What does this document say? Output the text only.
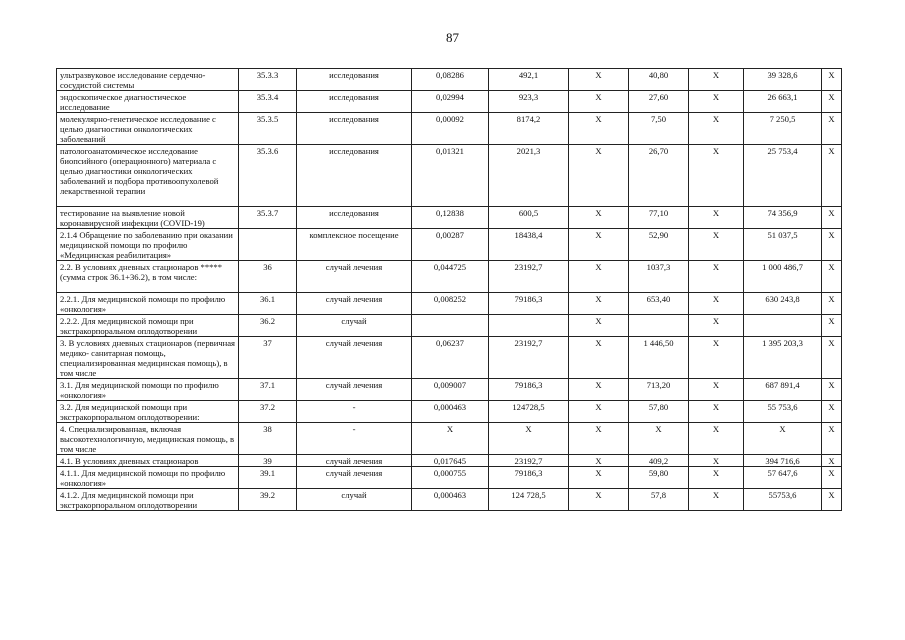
87
ультразвуковое исследование сердечно-сосудистой системы	35.3.3	исследования	0,08286	492,1	Х	40,80	Х	39 328,6	Х
эндоскопическое диагностическое исследование	35.3.4	исследования	0,02994	923,3	Х	27,60	Х	26 663,1	Х
молекулярно-генетическое исследование с целью диагностики онкологических заболеваний	35.3.5	исследования	0,00092	8174,2	Х	7,50	Х	7 250,5	Х
патологоанатомическое исследование биопсийного (операционного) материала с целью диагностики онкологических заболеваний и подбора противоопухолевой лекарственной терапии	35.3.6	исследования	0,01321	2021,3	Х	26,70	Х	25 753,4	Х
тестирование на выявление новой коронавирусной инфекции (COVID-19)	35.3.7	исследования	0,12838	600,5	Х	77,10	Х	74 356,9	Х
2.1.4 Обращение по заболеванию при оказании медицинской помощи по профилю «Медицинская реабилитация»		комплексное посещение	0,00287	18438,4	Х	52,90	Х	51 037,5	Х
2.2. В условиях дневных стационаров ***** (сумма строк 36.1+36.2), в том числе:	36	случай лечения	0,044725	23192,7	Х	1037,3	Х	1 000 486,7	Х
2.2.1. Для медицинской помощи по профилю «онкология»	36.1	случай лечения	0,008252	79186,3	Х	653,40	Х	630 243,8	Х
2.2.2. Для медицинской помощи при экстракорпоральном оплодотворении	36.2	случай			Х		Х		Х
3. В условиях дневных стационаров (первичная медико- санитарная помощь, специализированная медицинская помощь), в том числе	37	случай лечения	0,06237	23192,7	Х	1 446,50	Х	1 395 203,3	Х
3.1. Для медицинской помощи по профилю «онкология»	37.1	случай лечения	0,009007	79186,3	Х	713,20	Х	687 891,4	Х
3.2. Для медицинской помощи при экстракорпоральном оплодотворении:	37.2	-	0,000463	124728,5	Х	57,80	Х	55 753,6	Х
4. Специализированная, включая высокотехнологичную, медицинская помощь, в том числе	38	-	Х	Х	Х	Х	Х	Х	Х
4.1. В условиях дневных стационаров	39	случай лечения	0,017645	23192,7	Х	409,2	Х	394 716,6	Х
4.1.1. Для медицинской помощи по профилю «онкология»	39.1	случай лечения	0,000755	79186,3	Х	59,80	Х	57 647,6	Х
4.1.2. Для медицинской помощи при экстракорпоральном оплодотворении	39.2	случай	0,000463	124 728,5	Х	57,8	Х	55753,6	Х
